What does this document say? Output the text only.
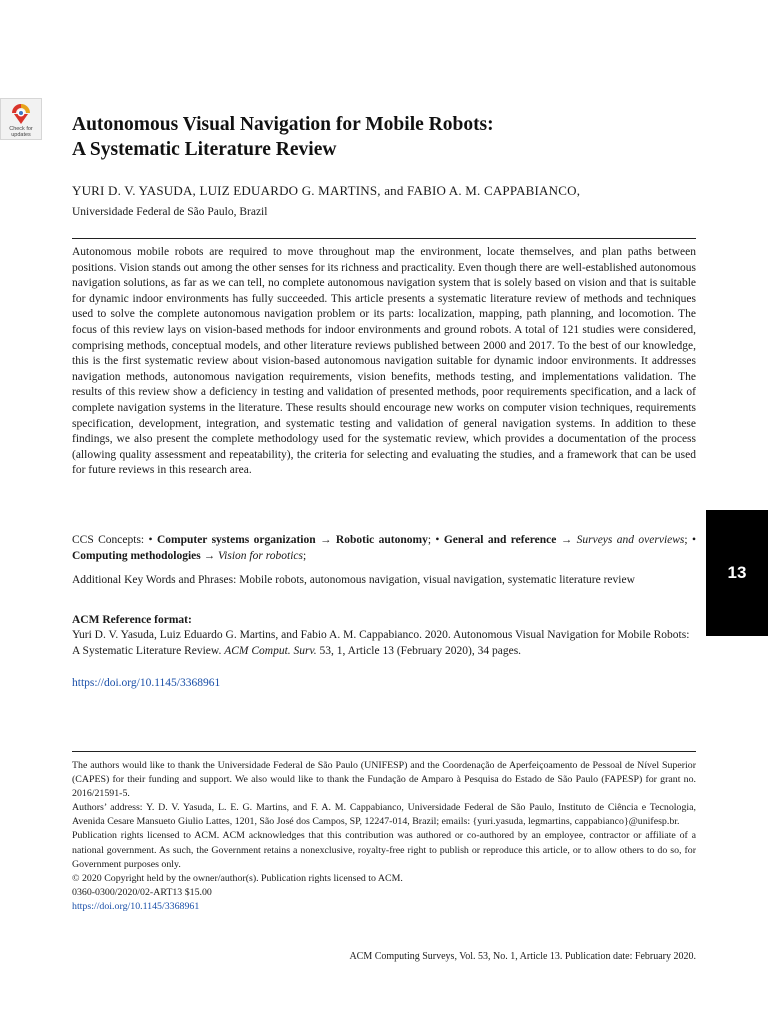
Check for updates
13
Autonomous Visual Navigation for Mobile Robots:
A Systematic Literature Review
YURI D. V. YASUDA, LUIZ EDUARDO G. MARTINS, and FABIO A. M. CAPPABIANCO,
Universidade Federal de São Paulo, Brazil
Autonomous mobile robots are required to move throughout map the environment, locate themselves, and plan paths between positions. Vision stands out among the other senses for its richness and practicality. Even though there are well-established autonomous navigation solutions, as far as we can tell, no complete autonomous navigation system that is solely based on vision and that is suitable for dynamic indoor environments has fully succeeded. This article presents a systematic literature review of methods and techniques used to solve the complete autonomous navigation problem or its parts: localization, mapping, path planning, and locomotion. The focus of this review lays on vision-based methods for indoor environments and ground robots. A total of 121 studies were considered, comprising methods, conceptual models, and other literature reviews published between 2000 and 2017. To the best of our knowledge, this is the first systematic review about vision-based autonomous navigation suitable for dynamic indoor environments. It addresses navigation methods, autonomous navigation requirements, vision benefits, methods testing, and implementations validation. The results of this review show a deficiency in testing and validation of presented methods, poor requirements specification, and a lack of complete navigation systems in the literature. These results should encourage new works on computer vision techniques, requirements specification, development, integration, and systematic testing and validation of general navigation systems. In addition to these findings, we also present the complete methodology used for the systematic review, which provides a documentation of the process (allowing quality assessment and repeatability), the criteria for selecting and evaluating the studies, and a framework that can be used for future reviews in this research area.
CCS Concepts: • Computer systems organization → Robotic autonomy; • General and reference → Surveys and overviews; • Computing methodologies → Vision for robotics;
Additional Key Words and Phrases: Mobile robots, autonomous navigation, visual navigation, systematic literature review
ACM Reference format:
Yuri D. V. Yasuda, Luiz Eduardo G. Martins, and Fabio A. M. Cappabianco. 2020. Autonomous Visual Navigation for Mobile Robots: A Systematic Literature Review. ACM Comput. Surv. 53, 1, Article 13 (February 2020), 34 pages.
https://doi.org/10.1145/3368961

The authors would like to thank the Universidade Federal de São Paulo (UNIFESP) and the Coordenação de Aperfeiçoamento de Pessoal de Nível Superior (CAPES) for their funding and support. We also would like to thank the Fundação de Amparo à Pesquisa do Estado de São Paulo (FAPESP) for grant no. 2016/21591-5.

Authors’ address: Y. D. V. Yasuda, L. E. G. Martins, and F. A. M. Cappabianco, Universidade Federal de São Paulo, Instituto de Ciência e Tecnologia, Avenida Cesare Mansueto Giulio Lattes, 1201, São José dos Campos, SP, 12247-014, Brazil; emails: {yuri.yasuda, legmartins, cappabianco}@unifesp.br.

Publication rights licensed to ACM. ACM acknowledges that this contribution was authored or co-authored by an employee, contractor or affiliate of a national government. As such, the Government retains a nonexclusive, royalty-free right to publish or reproduce this article, or to allow others to do so, for Government purposes only.

© 2020 Copyright held by the owner/author(s). Publication rights licensed to ACM.

0360-0300/2020/02-ART13 $15.00

https://doi.org/10.1145/3368961

ACM Computing Surveys, Vol. 53, No. 1, Article 13. Publication date: February 2020.
